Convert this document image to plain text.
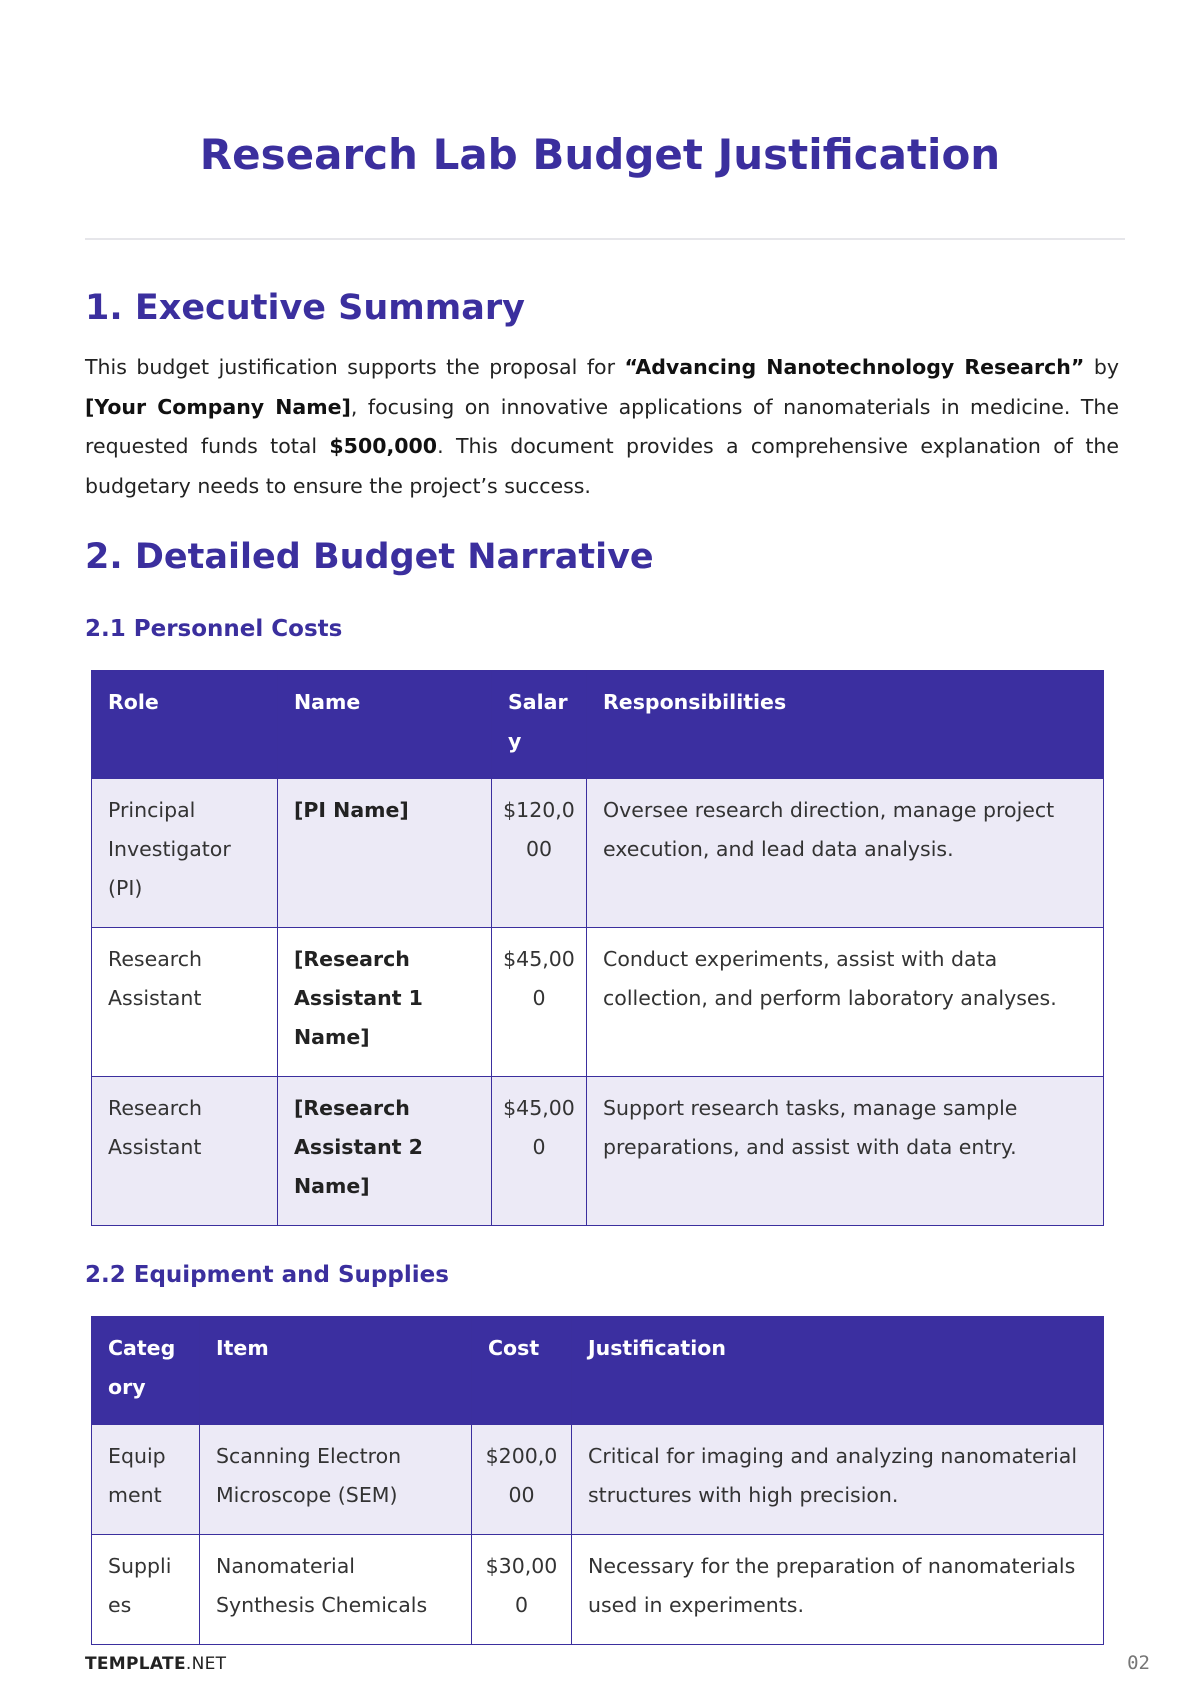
Research Lab Budget Justification
1. Executive Summary

This budget justification supports the proposal for “Advancing Nanotechnology Research” by [Your Company Name], focusing on innovative applications of nanomaterials in medicine. The requested funds total $500,000. This document provides a comprehensive explanation of the budgetary needs to ensure the project’s success.

2. Detailed Budget Narrative
2.1 Personnel Costs
Role	Name	Salary	Responsibilities
Principal Investigator (PI)	[PI Name]	$120,000	Oversee research direction, manage project execution, and lead data analysis.
Research Assistant	[Research Assistant 1 Name]	$45,000	Conduct experiments, assist with data collection, and perform laboratory analyses.
Research Assistant	[Research Assistant 2 Name]	$45,000	Support research tasks, manage sample preparations, and assist with data entry.
2.2 Equipment and Supplies
Category	Item	Cost	Justification
Equipment	Scanning Electron Microscope (SEM)	$200,000	Critical for imaging and analyzing nanomaterial structures with high precision.
Supplies	Nanomaterial Synthesis Chemicals	$30,000	Necessary for the preparation of nanomaterials used in experiments.
TEMPLATE.NET	02
